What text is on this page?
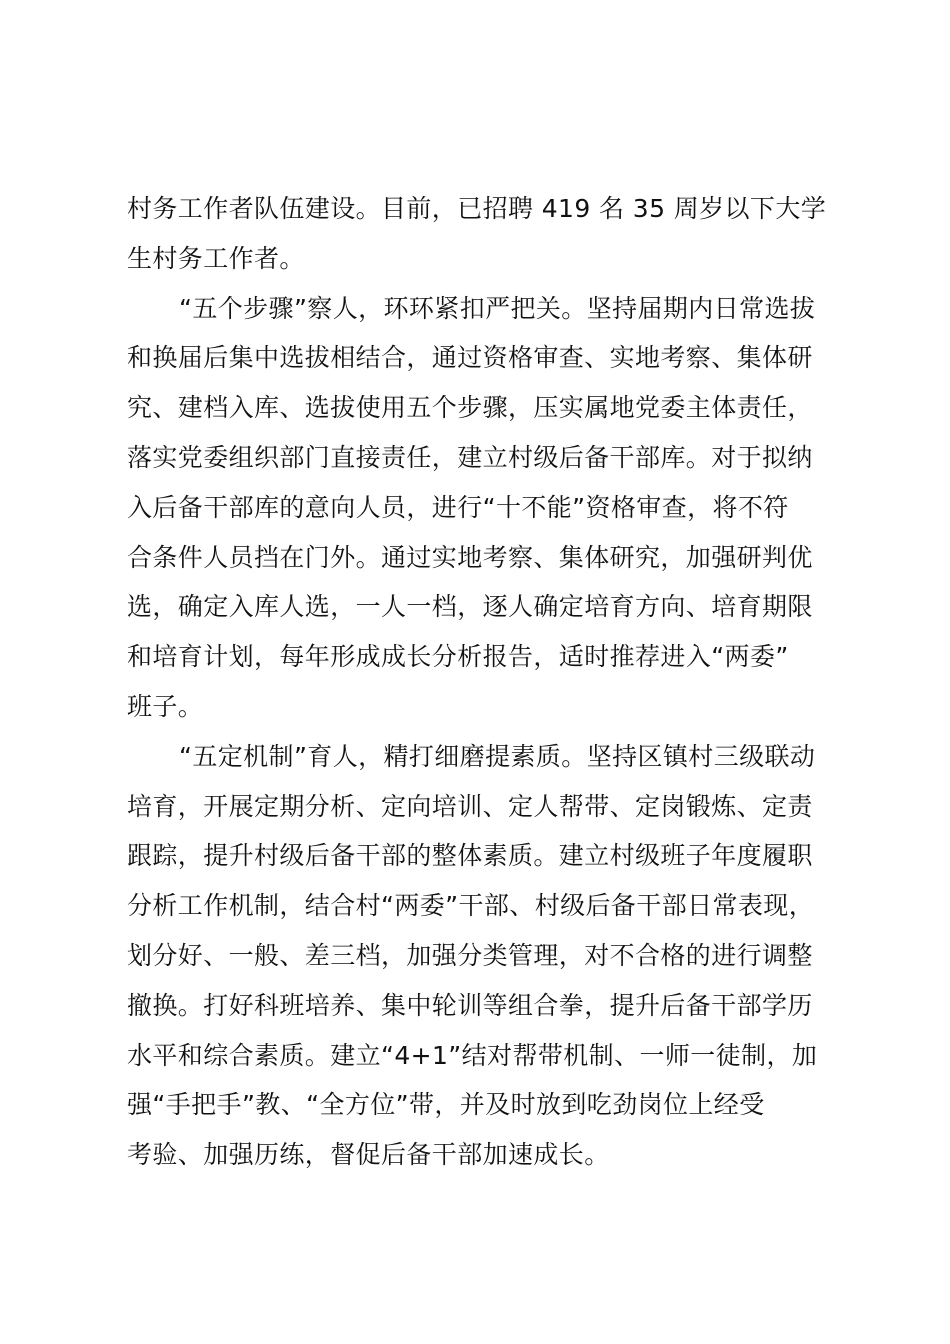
村务工作者队伍建设。目前，已招聘 419 名 35 周岁以下大学
生村务工作者。
“五个步骤”察人，环环紧扣严把关。坚持届期内日常选拔
和换届后集中选拔相结合，通过资格审查、实地考察、集体研
究、建档入库、选拔使用五个步骤，压实属地党委主体责任，
落实党委组织部门直接责任，建立村级后备干部库。对于拟纳
入后备干部库的意向人员，进行“十不能”资格审查，将不符
合条件人员挡在门外。通过实地考察、集体研究，加强研判优
选，确定入库人选，一人一档，逐人确定培育方向、培育期限
和培育计划，每年形成成长分析报告，适时推荐进入“两委”
班子。
“五定机制”育人，精打细磨提素质。坚持区镇村三级联动
培育，开展定期分析、定向培训、定人帮带、定岗锻炼、定责
跟踪，提升村级后备干部的整体素质。建立村级班子年度履职
分析工作机制，结合村“两委”干部、村级后备干部日常表现，
划分好、一般、差三档，加强分类管理，对不合格的进行调整
撤换。打好科班培养、集中轮训等组合拳，提升后备干部学历
水平和综合素质。建立“4+1”结对帮带机制、一师一徒制，加
强“手把手”教、“全方位”带，并及时放到吃劲岗位上经受
考验、加强历练，督促后备干部加速成长。
